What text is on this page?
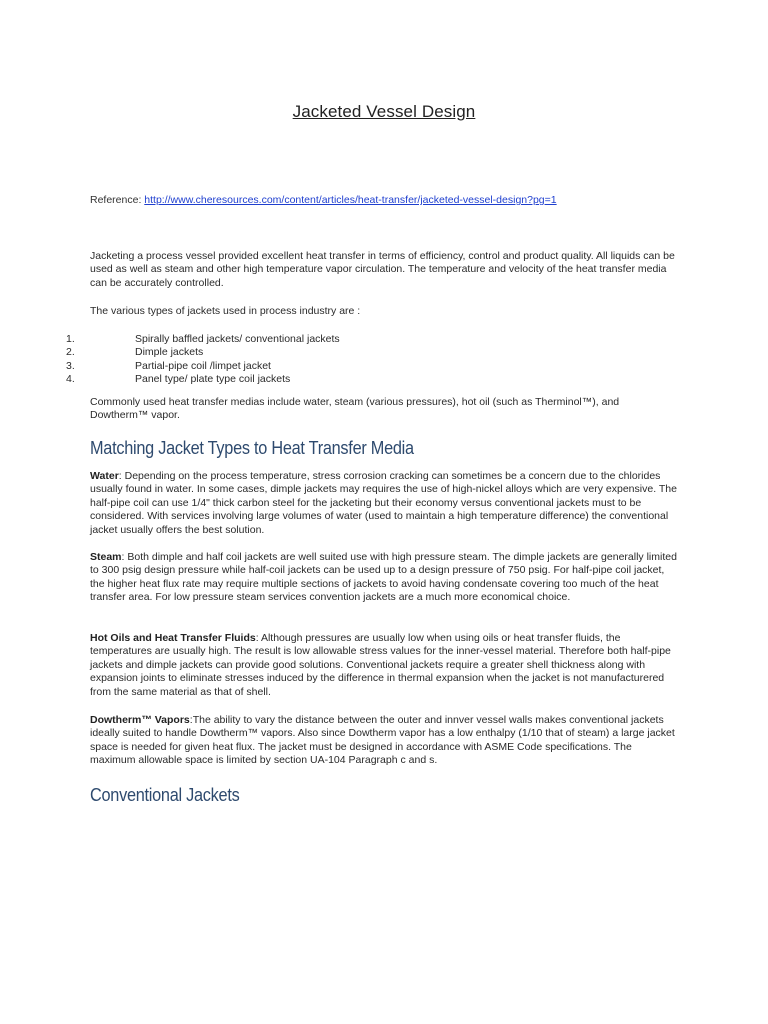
Jacketed Vessel Design
Reference: http://www.cheresources.com/content/articles/heat-transfer/jacketed-vessel-design?pg=1

Jacketing a process vessel provided excellent heat transfer in terms of efficiency, control and product quality. All liquids can be used as well as steam and other high temperature vapor circulation. The temperature and velocity of the heat transfer media can be accurately controlled.

The various types of jackets used in process industry are :

1.	Spirally baffled jackets/ conventional jackets
2.	Dimple jackets
3.	Partial-pipe coil /limpet jacket
4.	Panel type/ plate type coil jackets

Commonly used heat transfer medias include water, steam (various pressures), hot oil (such as Therminol™), and Dowtherm™ vapor.

Matching Jacket Types to Heat Transfer Media

Water: Depending on the process temperature, stress corrosion cracking can sometimes be a concern due to the chlorides usually found in water. In some cases, dimple jackets may requires the use of high-nickel alloys which are very expensive. The half-pipe coil can use 1/4" thick carbon steel for the jacketing but their economy versus conventional jackets must to be considered. With services involving large volumes of water (used to maintain a high temperature difference) the conventional jacket usually offers the best solution.

Steam: Both dimple and half coil jackets are well suited use with high pressure steam. The dimple jackets are generally limited to 300 psig design pressure while half-coil jackets can be used up to a design pressure of 750 psig. For half-pipe coil jacket, the higher heat flux rate may require multiple sections of jackets to avoid having condensate covering too much of the heat transfer area. For low pressure steam services convention jackets are a much more economical choice.

Hot Oils and Heat Transfer Fluids: Although pressures are usually low when using oils or heat transfer fluids, the temperatures are usually high. The result is low allowable stress values for the inner-vessel material. Therefore both half-pipe jackets and dimple jackets can provide good solutions. Conventional jackets require a greater shell thickness along with expansion joints to eliminate stresses induced by the difference in thermal expansion when the jacket is not manufacturered from the same material as that of shell.

Dowtherm™ Vapors:The ability to vary the distance between the outer and innver vessel walls makes conventional jackets ideally suited to handle Dowtherm™ vapors. Also since Dowtherm vapor has a low enthalpy (1/10 that of steam) a large jacket space is needed for given heat flux. The jacket must be designed in accordance with ASME Code specifications. The maximum allowable space is limited by section UA-104 Paragraph c and s.

Conventional Jackets
